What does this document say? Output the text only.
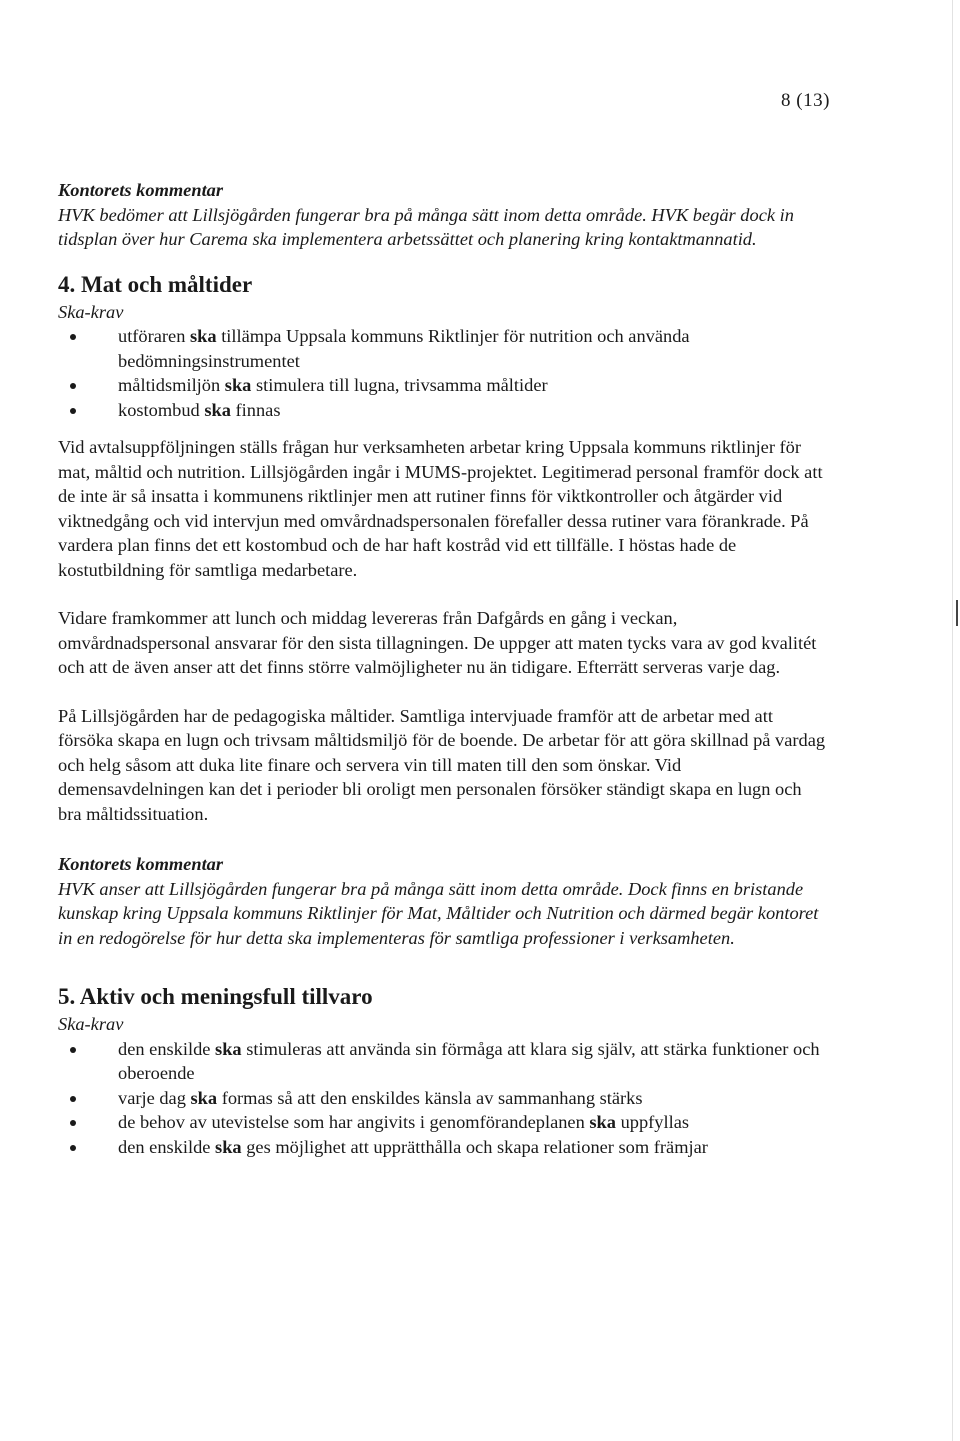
8 (13)

Kontorets kommentar

HVK bedömer att Lillsjögården fungerar bra på många sätt inom detta område. HVK begär dock in tidsplan över hur Carema ska implementera arbetssättet och planering kring kontaktmannatid.

4. Mat och måltider

Ska-krav

utföraren ska tillämpa Uppsala kommuns Riktlinjer för nutrition och använda bedömningsinstrumentet
måltidsmiljön ska stimulera till lugna, trivsamma måltider
kostombud ska finnas

Vid avtalsuppföljningen ställs frågan hur verksamheten arbetar kring Uppsala kommuns riktlinjer för mat, måltid och nutrition. Lillsjögården ingår i MUMS-projektet. Legitimerad personal framför dock att de inte är så insatta i kommunens riktlinjer men att rutiner finns för viktkontroller och åtgärder vid viktnedgång och vid intervjun med omvårdnadspersonalen förefaller dessa rutiner vara förankrade. På vardera plan finns det ett kostombud och de har haft kostråd vid ett tillfälle. I höstas hade de kostutbildning för samtliga medarbetare.

Vidare framkommer att lunch och middag levereras från Dafgårds en gång i veckan, omvårdnadspersonal ansvarar för den sista tillagningen. De uppger att maten tycks vara av god kvalitét och att de även anser att det finns större valmöjligheter nu än tidigare. Efterrätt serveras varje dag.

På Lillsjögården har de pedagogiska måltider. Samtliga intervjuade framför att de arbetar med att försöka skapa en lugn och trivsam måltidsmiljö för de boende. De arbetar för att göra skillnad på vardag och helg såsom att duka lite finare och servera vin till maten till den som önskar. Vid demensavdelningen kan det i perioder bli oroligt men personalen försöker ständigt skapa en lugn och bra måltidssituation.

Kontorets kommentar

HVK anser att Lillsjögården fungerar bra på många sätt inom detta område. Dock finns en bristande kunskap kring Uppsala kommuns Riktlinjer för Mat, Måltider och Nutrition och därmed begär kontoret in en redogörelse för hur detta ska implementeras för samtliga professioner i verksamheten.

5. Aktiv och meningsfull tillvaro

Ska-krav

den enskilde ska stimuleras att använda sin förmåga att klara sig själv, att stärka funktioner och oberoende
varje dag ska formas så att den enskildes känsla av sammanhang stärks
de behov av utevistelse som har angivits i genomförandeplanen ska uppfyllas
den enskilde ska ges möjlighet att upprätthålla och skapa relationer som främjar
